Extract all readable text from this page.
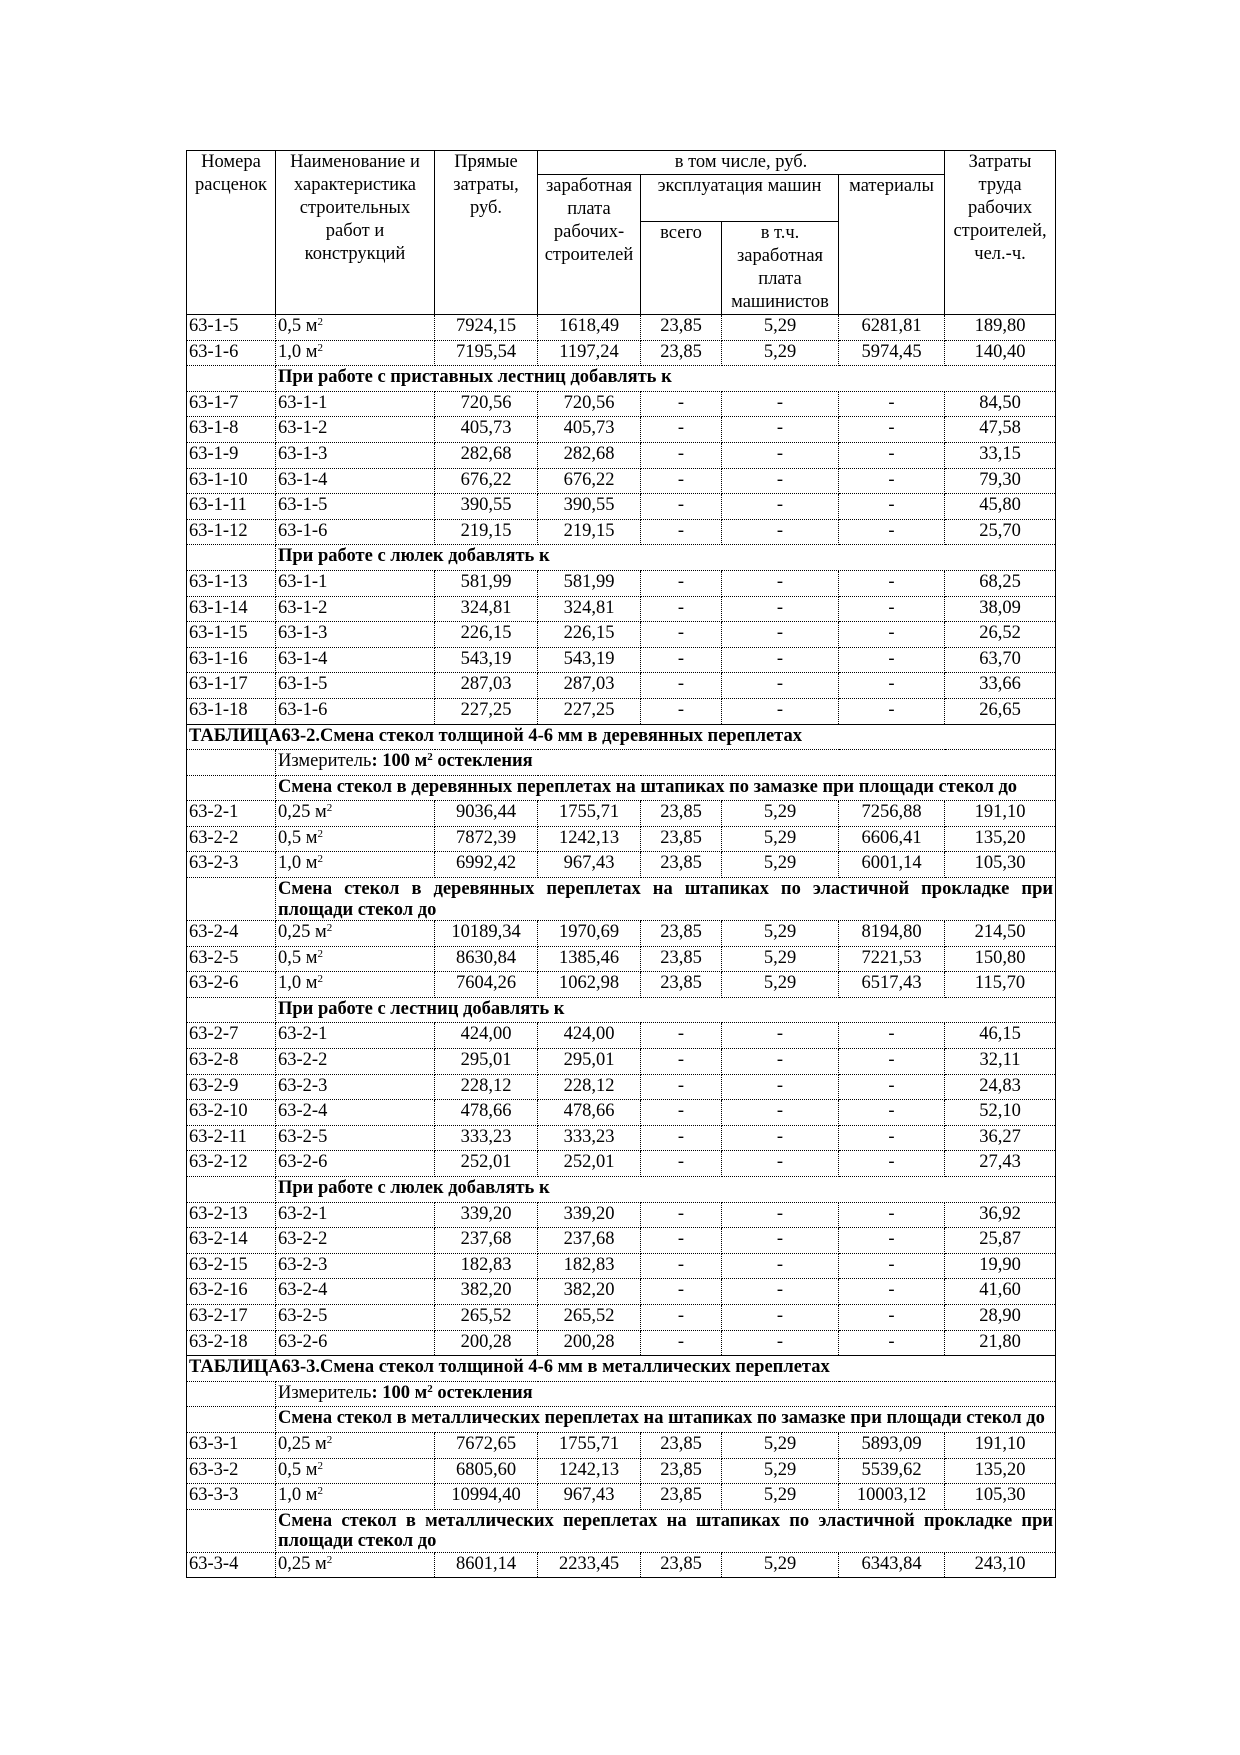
Номера расценок	Наименование и характеристика строительных работ и конструкций	Прямые затраты, руб.	в том числе, руб.				Затраты труда рабочих строителей, чел.-ч.
			заработная плата рабочих-строителей	эксплуатация машин		материалы	
				всего	в т.ч. заработная плата машинистов		
63-1-5	0,5 $м^2$	7924,15	1618,49	23,85	5,29	6281,81	189,80
63-1-6	1,0 $м^2$	7195,54	1197,24	23,85	5,29	5974,45	140,40
	При работе с приставных лестниц добавлять к						
63-1-7	63-1-1	720,56	720,56	-	-	-	84,50
63-1-8	63-1-2	405,73	405,73	-	-	-	47,58
63-1-9	63-1-3	282,68	282,68	-	-	-	33,15
63-1-10	63-1-4	676,22	676,22	-	-	-	79,30
63-1-11	63-1-5	390,55	390,55	-	-	-	45,80
63-1-12	63-1-6	219,15	219,15	-	-	-	25,70
	При работе с люлек добавлять к						
63-1-13	63-1-1	581,99	581,99	-	-	-	68,25
63-1-14	63-1-2	324,81	324,81	-	-	-	38,09
63-1-15	63-1-3	226,15	226,15	-	-	-	26,52
63-1-16	63-1-4	543,19	543,19	-	-	-	63,70
63-1-17	63-1-5	287,03	287,03	-	-	-	33,66
63-1-18	63-1-6	227,25	227,25	-	-	-	26,65
ТАБЛИЦА63-2.Смена стекол толщиной 4-6 мм в деревянных переплетах							
	Измеритель: 100 $м^2$ остекления						
	Смена стекол в деревянных переплетах на штапиках по замазке при площади стекол до						
63-2-1	0,25 $м^2$	9036,44	1755,71	23,85	5,29	7256,88	191,10
63-2-2	0,5 $м^2$	7872,39	1242,13	23,85	5,29	6606,41	135,20
63-2-3	1,0 $м^2$	6992,42	967,43	23,85	5,29	6001,14	105,30
	Смена стекол в деревянных переплетах на штапиках по эластичной прокладке при площади стекол до						
63-2-4	0,25 $м^2$	10189,34	1970,69	23,85	5,29	8194,80	214,50
63-2-5	0,5 $м^2$	8630,84	1385,46	23,85	5,29	7221,53	150,80
63-2-6	1,0 $м^2$	7604,26	1062,98	23,85	5,29	6517,43	115,70
	При работе с лестниц добавлять к						
63-2-7	63-2-1	424,00	424,00	-	-	-	46,15
63-2-8	63-2-2	295,01	295,01	-	-	-	32,11
63-2-9	63-2-3	228,12	228,12	-	-	-	24,83
63-2-10	63-2-4	478,66	478,66	-	-	-	52,10
63-2-11	63-2-5	333,23	333,23	-	-	-	36,27
63-2-12	63-2-6	252,01	252,01	-	-	-	27,43
	При работе с люлек добавлять к						
63-2-13	63-2-1	339,20	339,20	-	-	-	36,92
63-2-14	63-2-2	237,68	237,68	-	-	-	25,87
63-2-15	63-2-3	182,83	182,83	-	-	-	19,90
63-2-16	63-2-4	382,20	382,20	-	-	-	41,60
63-2-17	63-2-5	265,52	265,52	-	-	-	28,90
63-2-18	63-2-6	200,28	200,28	-	-	-	21,80
ТАБЛИЦА63-3.Смена стекол толщиной 4-6 мм в металлических переплетах							
	Измеритель: 100 $м^2$ остекления						
	Смена стекол в металлических переплетах на штапиках по замазке при площади стекол до						
63-3-1	0,25 $м^2$	7672,65	1755,71	23,85	5,29	5893,09	191,10
63-3-2	0,5 $м^2$	6805,60	1242,13	23,85	5,29	5539,62	135,20
63-3-3	1,0 $м^2$	10994,40	967,43	23,85	5,29	10003,12	105,30
	Смена стекол в металлических переплетах на штапиках по эластичной прокладке при площади стекол до						
63-3-4	0,25 $м^2$	8601,14	2233,45	23,85	5,29	6343,84	243,10
